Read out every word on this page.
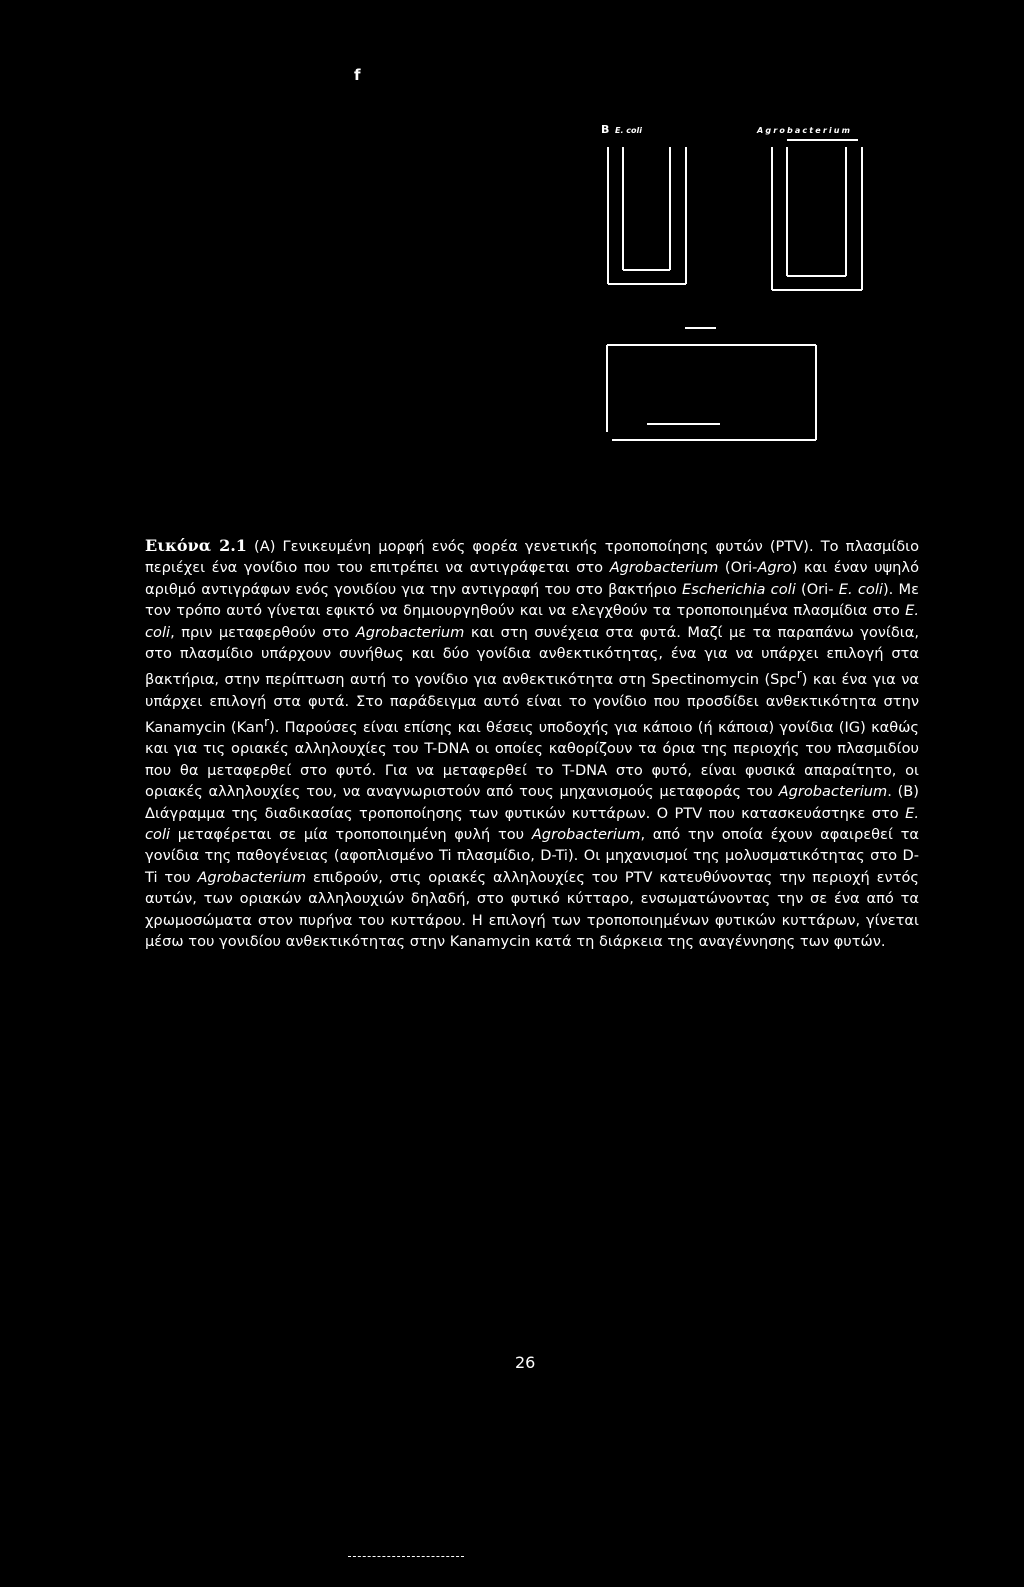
f
B E. coli	Agrobacterium
Εικόνα 2.1 (Α) Γενικευμένη μορφή ενός φορέα γενετικής τροποποίησης φυτών (PTV). Το πλασμίδιο περιέχει ένα γονίδιο που του επιτρέπει να αντιγράφεται στο Agrobacterium (Ori-Agro) και έναν υψηλό αριθμό αντιγράφων ενός γονιδίου για την αντιγραφή του στο βακτήριο Escherichia coli (Ori- E. coli). Με τον τρόπο αυτό γίνεται εφικτό να δημιουργηθούν και να ελεγχθούν τα τροποποιημένα πλασμίδια στο E. coli, πριν μεταφερθούν στο Agrobacterium και στη συνέχεια στα φυτά. Μαζί με τα παραπάνω γονίδια, στο πλασμίδιο υπάρχουν συνήθως και δύο γονίδια ανθεκτικότητας, ένα για να υπάρχει επιλογή στα βακτήρια, στην περίπτωση αυτή το γονίδιο για ανθεκτικότητα στη Spectinomycin (Spc$^r$) και ένα για να υπάρχει επιλογή στα φυτά. Στο παράδειγμα αυτό είναι το γονίδιο που προσδίδει ανθεκτικότητα στην Kanamycin (Kan$^r$). Παρούσες είναι επίσης και θέσεις υποδοχής για κάποιο (ή κάποια) γονίδια (IG) καθώς και για τις οριακές αλληλουχίες του T-DNA οι οποίες καθορίζουν τα όρια της περιοχής του πλασμιδίου που θα μεταφερθεί στο φυτό. Για να μεταφερθεί το T-DNA στο φυτό, είναι φυσικά απαραίτητο, οι οριακές αλληλουχίες του, να αναγνωριστούν από τους μηχανισμούς μεταφοράς του Agrobacterium. (Β) Διάγραμμα της διαδικασίας τροποποίησης των φυτικών κυττάρων. Ο PTV που κατασκευάστηκε στο E. coli μεταφέρεται σε μία τροποποιημένη φυλή του Agrobacterium, από την οποία έχουν αφαιρεθεί τα γονίδια της παθογένειας (αφοπλισμένο Ti πλασμίδιο, D-Ti). Οι μηχανισμοί της μολυσματικότητας στο D-Ti του Agrobacterium επιδρούν, στις οριακές αλληλουχίες του PTV κατευθύνοντας την περιοχή εντός αυτών, των οριακών αλληλουχιών δηλαδή, στο φυτικό κύτταρο, ενσωματώνοντας την σε ένα από τα χρωμοσώματα στον πυρήνα του κυττάρου. Η επιλογή των τροποποιημένων φυτικών κυττάρων, γίνεται μέσω του γονιδίου ανθεκτικότητας στην Kanamycin κατά τη διάρκεια της αναγέννησης των φυτών.
26
